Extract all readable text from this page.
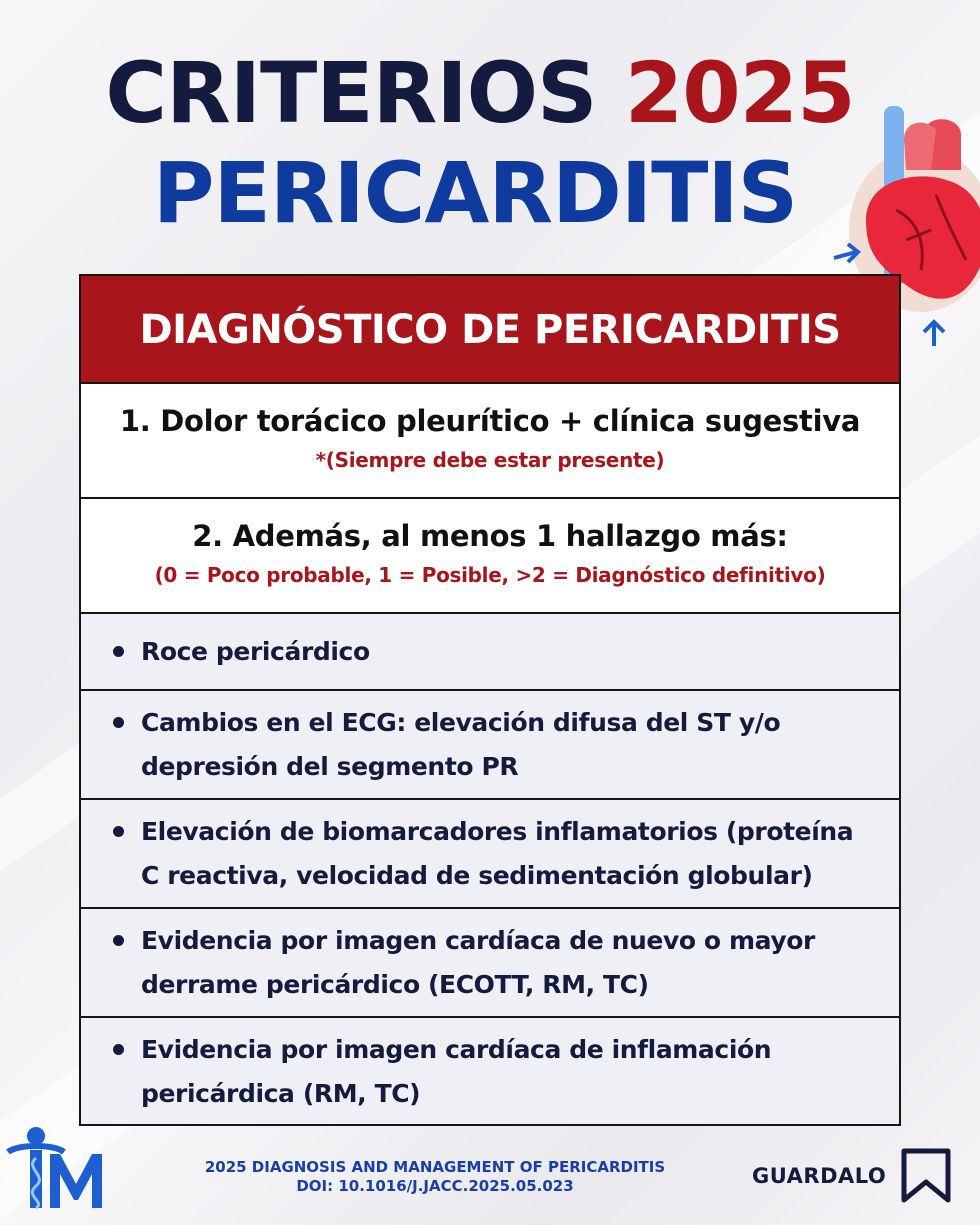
CRITERIOS 2025
PERICARDITIS
DIAGNÓSTICO DE PERICARDITIS
1. Dolor torácico pleurítico + clínica sugestiva
*(Siempre debe estar presente)
2. Además, al menos 1 hallazgo más:
(0 = Poco probable, 1 = Posible, >2 = Diagnóstico definitivo)
Roce pericárdico
Cambios en el ECG: elevación difusa del ST y/o
depresión del segmento PR
Elevación de biomarcadores inflamatorios (proteína
C reactiva, velocidad de sedimentación globular)
Evidencia por imagen cardíaca de nuevo o mayor
derrame pericárdico (ECOTT, RM, TC)
Evidencia por imagen cardíaca de inflamación
pericárdica (RM, TC)
2025 DIAGNOSIS AND MANAGEMENT OF PERICARDITIS
DOI: 10.1016/J.JACC.2025.05.023	GUARDALO
